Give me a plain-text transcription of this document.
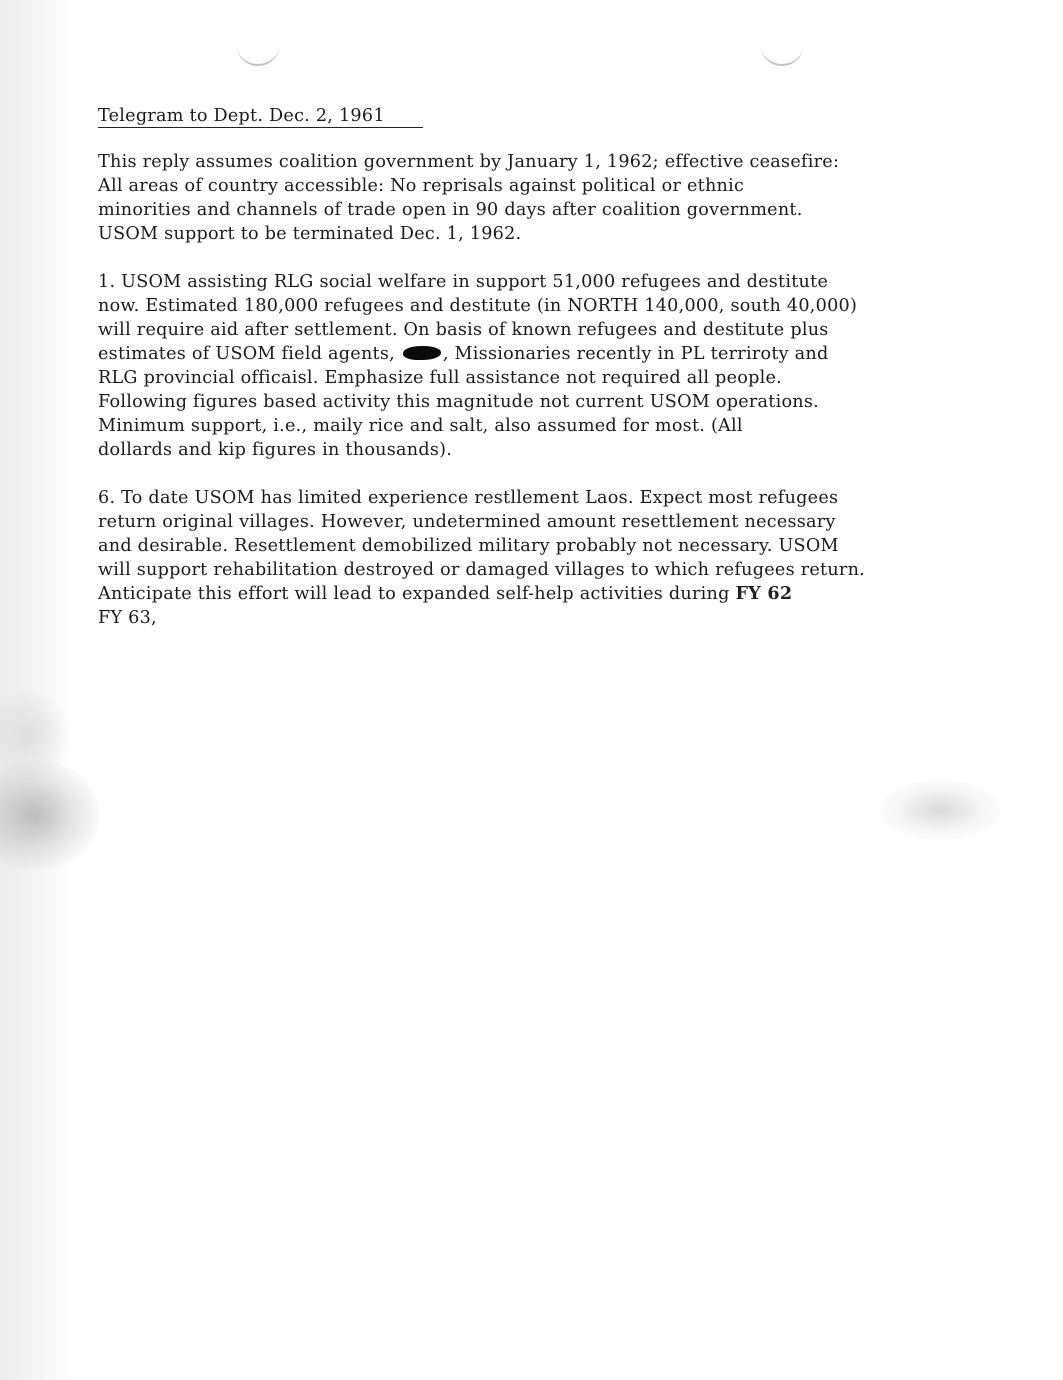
Telegram to Dept. Dec. 2, 1961
This reply assumes coalition government by January 1, 1962; effective ceasefire:
All areas of country accessible: No reprisals against political or ethnic
minorities and channels of trade open in 90 days after coalition government.
USOM support to be terminated Dec. 1, 1962.
1. USOM assisting RLG social welfare in support 51,000 refugees and destitute
now. Estimated 180,000 refugees and destitute (in NORTH 140,000, south 40,000)
will require aid after settlement. On basis of known refugees and destitute plus
estimates of USOM field agents, , Missionaries recently in PL terriroty and
RLG provincial officaisl. Emphasize full assistance not required all people.
Following figures based activity this magnitude not current USOM operations.
Minimum support, i.e., maily rice and salt, also assumed for most. (All
dollards and kip figures in thousands).
6. To date USOM has limited experience restllement Laos. Expect most refugees
return original villages. However, undetermined amount resettlement necessary
and desirable. Resettlement demobilized military probably not necessary. USOM
will support rehabilitation destroyed or damaged villages to which refugees return.
Anticipate this effort will lead to expanded self-help activities during FY 62
FY 63,
